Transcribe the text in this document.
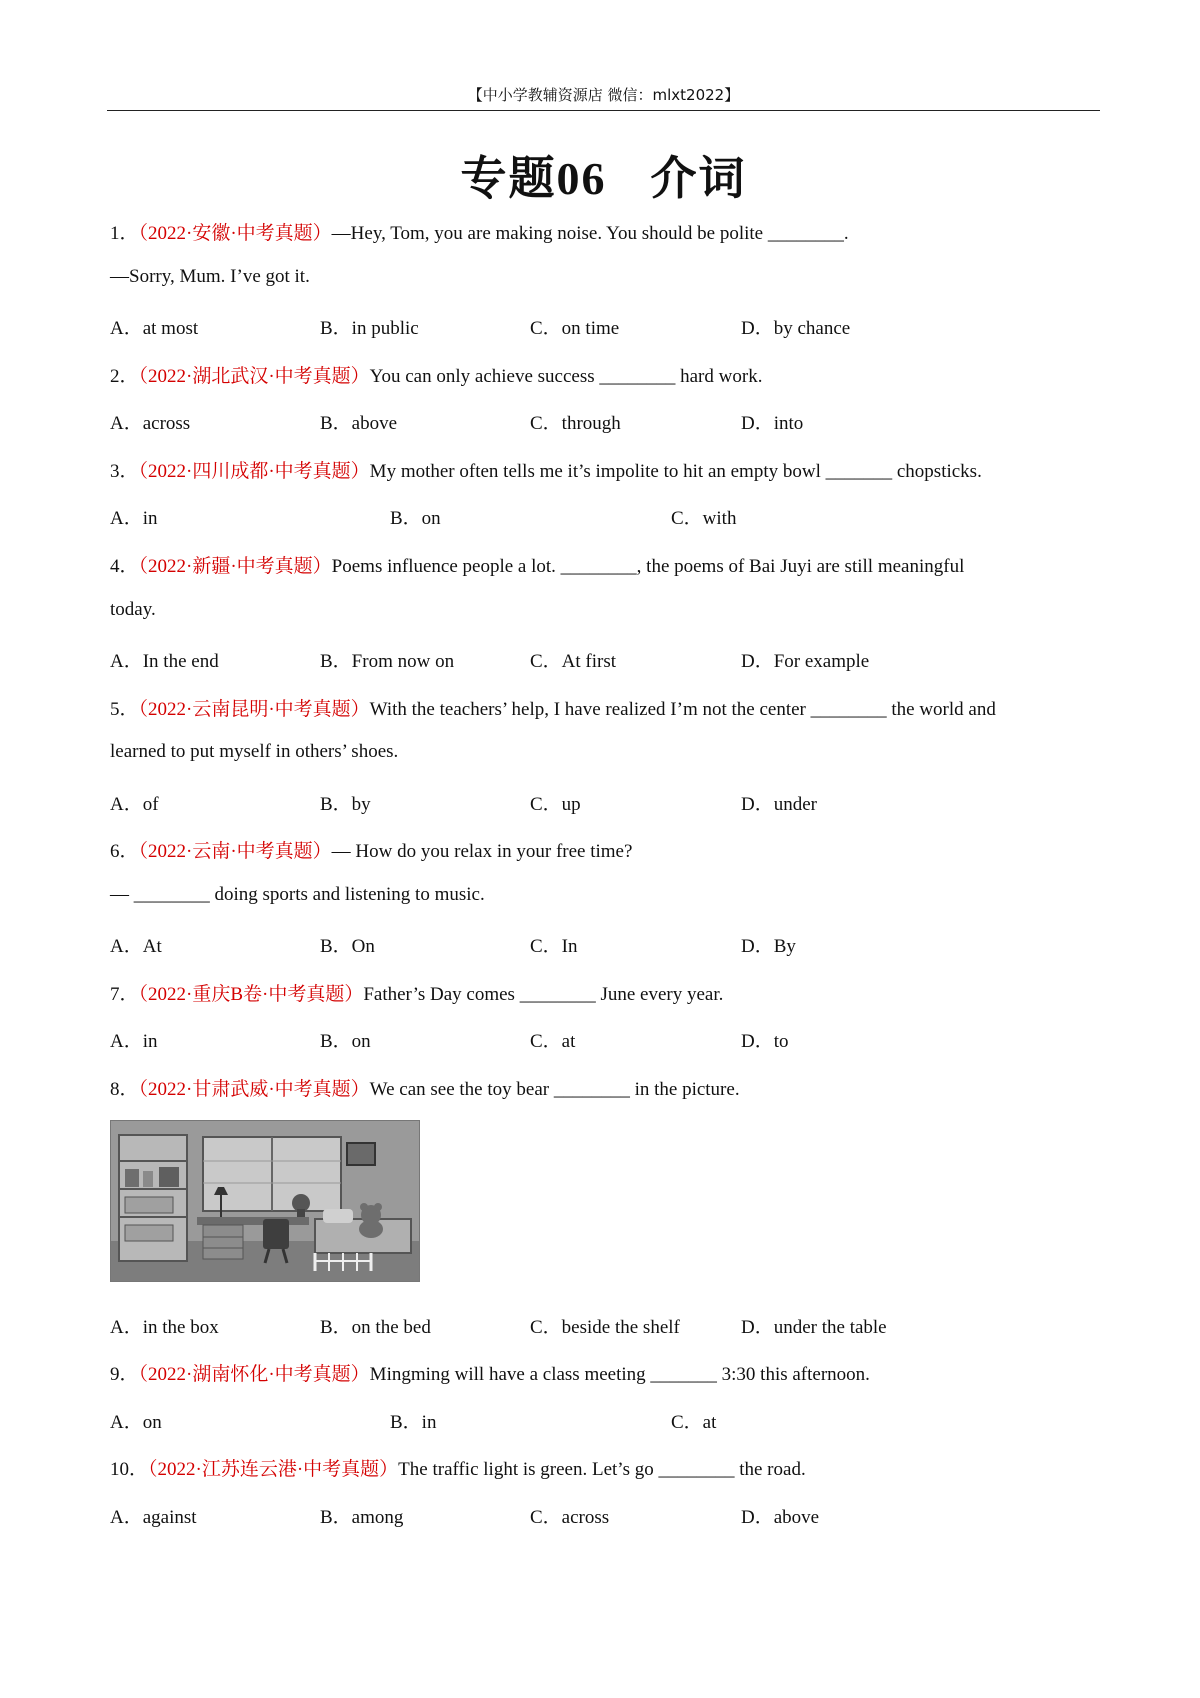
【中小学教辅资源店 微信：mlxt2022】
专题06 介词
1．（2022·安徽·中考真题）—Hey, Tom, you are making noise. You should be polite ________.
—Sorry, Mum. I’ve got it.
A．at most	B．in public	C．on time	D．by chance
2．（2022·湖北武汉·中考真题）You can only achieve success ________ hard work.
A．across	B．above	C．through	D．into
3．（2022·四川成都·中考真题）My mother often tells me it’s impolite to hit an empty bowl _______ chopsticks.
A．in	B．on	C．with
4．（2022·新疆·中考真题）Poems influence people a lot. ________, the poems of Bai Juyi are still meaningful
today.
A．In the end	B．From now on	C．At first	D．For example
5．（2022·云南昆明·中考真题）With the teachers’ help, I have realized I’m not the center ________ the world and
learned to put myself in others’ shoes.
A．of	B．by	C．up	D．under
6．（2022·云南·中考真题）— How do you relax in your free time?
— ________ doing sports and listening to music.
A．At	B．On	C．In	D．By
7．（2022·重庆B卷·中考真题）Father’s Day comes ________ June every year.
A．in	B．on	C．at	D．to
8．（2022·甘肃武威·中考真题）We can see the toy bear ________ in the picture.
A．in the box	B．on the bed	C．beside the shelf	D．under the table
9．（2022·湖南怀化·中考真题）Mingming will have a class meeting _______ 3:30 this afternoon.
A．on	B．in	C．at
10．（2022·江苏连云港·中考真题）The traffic light is green. Let’s go ________ the road.
A．against	B．among	C．across	D．above
